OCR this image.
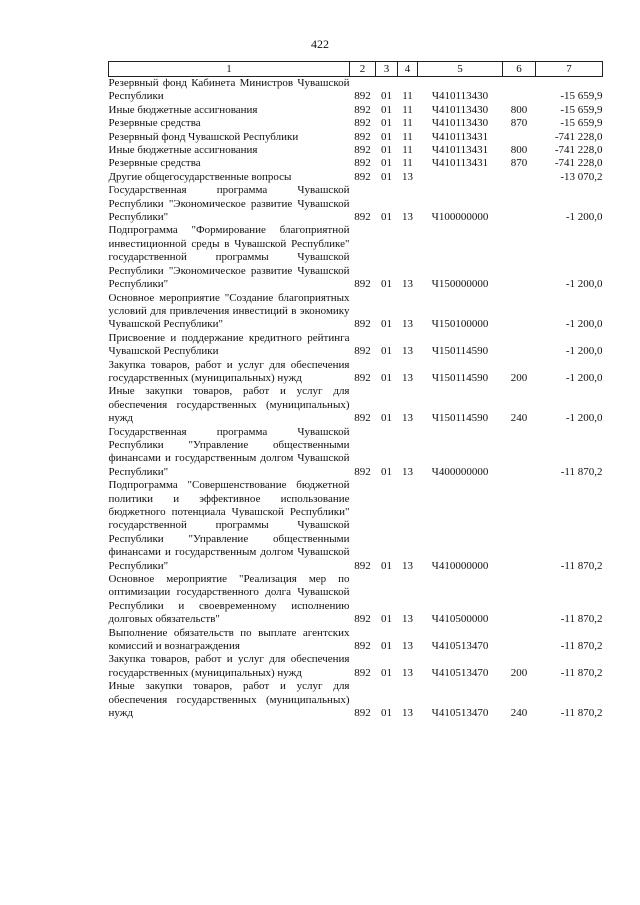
422
1	2	3	4	5	6	7
Резервный фонд Кабинета Министров Чувашской Республики	892	01	11	Ч410113430		-15 659,9
Иные бюджетные ассигнования	892	01	11	Ч410113430	800	-15 659,9
Резервные средства	892	01	11	Ч410113430	870	-15 659,9
Резервный фонд Чувашской Республики	892	01	11	Ч410113431		-741 228,0
Иные бюджетные ассигнования	892	01	11	Ч410113431	800	-741 228,0
Резервные средства	892	01	11	Ч410113431	870	-741 228,0
Другие общегосударственные вопросы	892	01	13			-13 070,2
Государственная программа Чувашской Республики "Экономическое развитие Чувашской Республики"	892	01	13	Ч100000000		-1 200,0
Подпрограмма "Формирование благоприятной инвестиционной среды в Чувашской Республике" государственной программы Чувашской Республики "Экономическое развитие Чувашской Республики"	892	01	13	Ч150000000		-1 200,0
Основное мероприятие "Создание благоприятных условий для привлечения инвестиций в экономику Чувашской Республики"	892	01	13	Ч150100000		-1 200,0
Присвоение и поддержание кредитного рейтинга Чувашской Республики	892	01	13	Ч150114590		-1 200,0
Закупка товаров, работ и услуг для обеспечения государственных (муниципальных) нужд	892	01	13	Ч150114590	200	-1 200,0
Иные закупки товаров, работ и услуг для обеспечения государственных (муниципальных) нужд	892	01	13	Ч150114590	240	-1 200,0
Государственная программа Чувашской Республики "Управление общественными финансами и государственным долгом Чувашской Республики"	892	01	13	Ч400000000		-11 870,2
Подпрограмма "Совершенствование бюджетной политики и эффективное использование бюджетного потенциала Чувашской Республики" государственной программы Чувашской Республики "Управление общественными финансами и государственным долгом Чувашской Республики"	892	01	13	Ч410000000		-11 870,2
Основное мероприятие "Реализация мер по оптимизации государственного долга Чувашской Республики и своевременному исполнению долговых обязательств"	892	01	13	Ч410500000		-11 870,2
Выполнение обязательств по выплате агентских комиссий и вознаграждения	892	01	13	Ч410513470		-11 870,2
Закупка товаров, работ и услуг для обеспечения государственных (муниципальных) нужд	892	01	13	Ч410513470	200	-11 870,2
Иные закупки товаров, работ и услуг для обеспечения государственных (муниципальных) нужд	892	01	13	Ч410513470	240	-11 870,2
